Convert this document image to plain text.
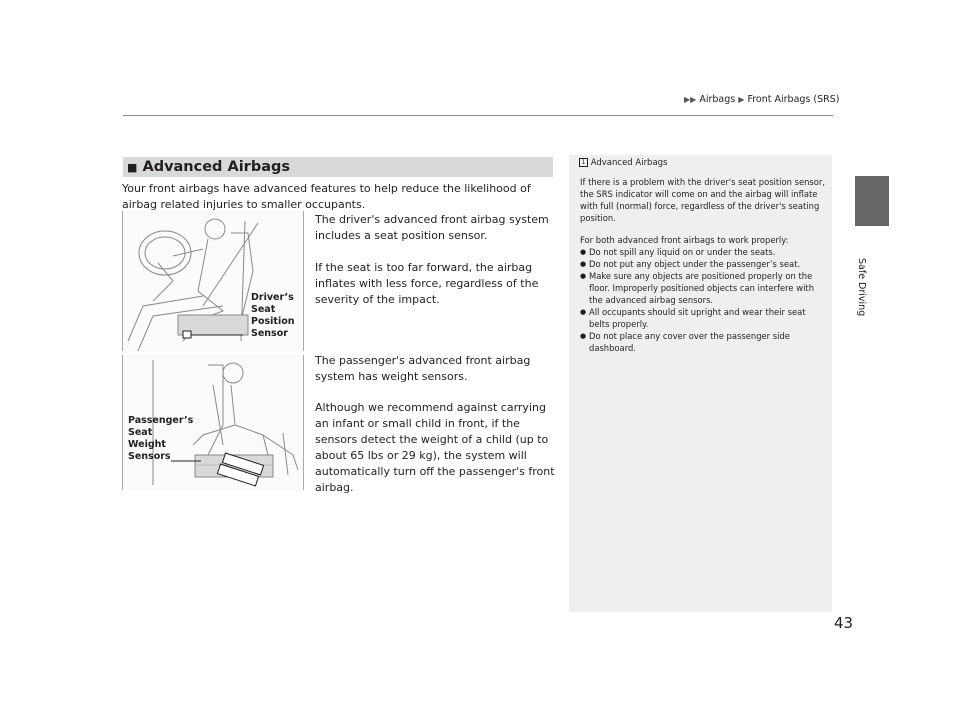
▶▶ Airbags ▶ Front Airbags (SRS)
Safe Driving
■ Advanced Airbags
Your front airbags have advanced features to help reduce the likelihood of airbag related injuries to smaller occupants.
Driver’s
Seat
Position
Sensor
The driver's advanced front airbag system includes a seat position sensor.
If the seat is too far forward, the airbag inflates with less force, regardless of the severity of the impact.
Passenger’s
Seat
Weight
Sensors
The passenger's advanced front airbag system has weight sensors.
Although we recommend against carrying an infant or small child in front, if the sensors detect the weight of a child (up to about 65 lbs or 29 kg), the system will automatically turn off the passenger's front airbag.
1 Advanced Airbags

If there is a problem with the driver's seat position sensor, the SRS indicator will come on and the airbag will inflate with full (normal) force, regardless of the driver's seating position.

For both advanced front airbags to work properly:

● Do not spill any liquid on or under the seats.
● Do not put any object under the passenger’s seat.
● Make sure any objects are positioned properly on the floor. Improperly positioned objects can interfere with the advanced airbag sensors.
● All occupants should sit upright and wear their seat belts properly.
● Do not place any cover over the passenger side dashboard.
43
